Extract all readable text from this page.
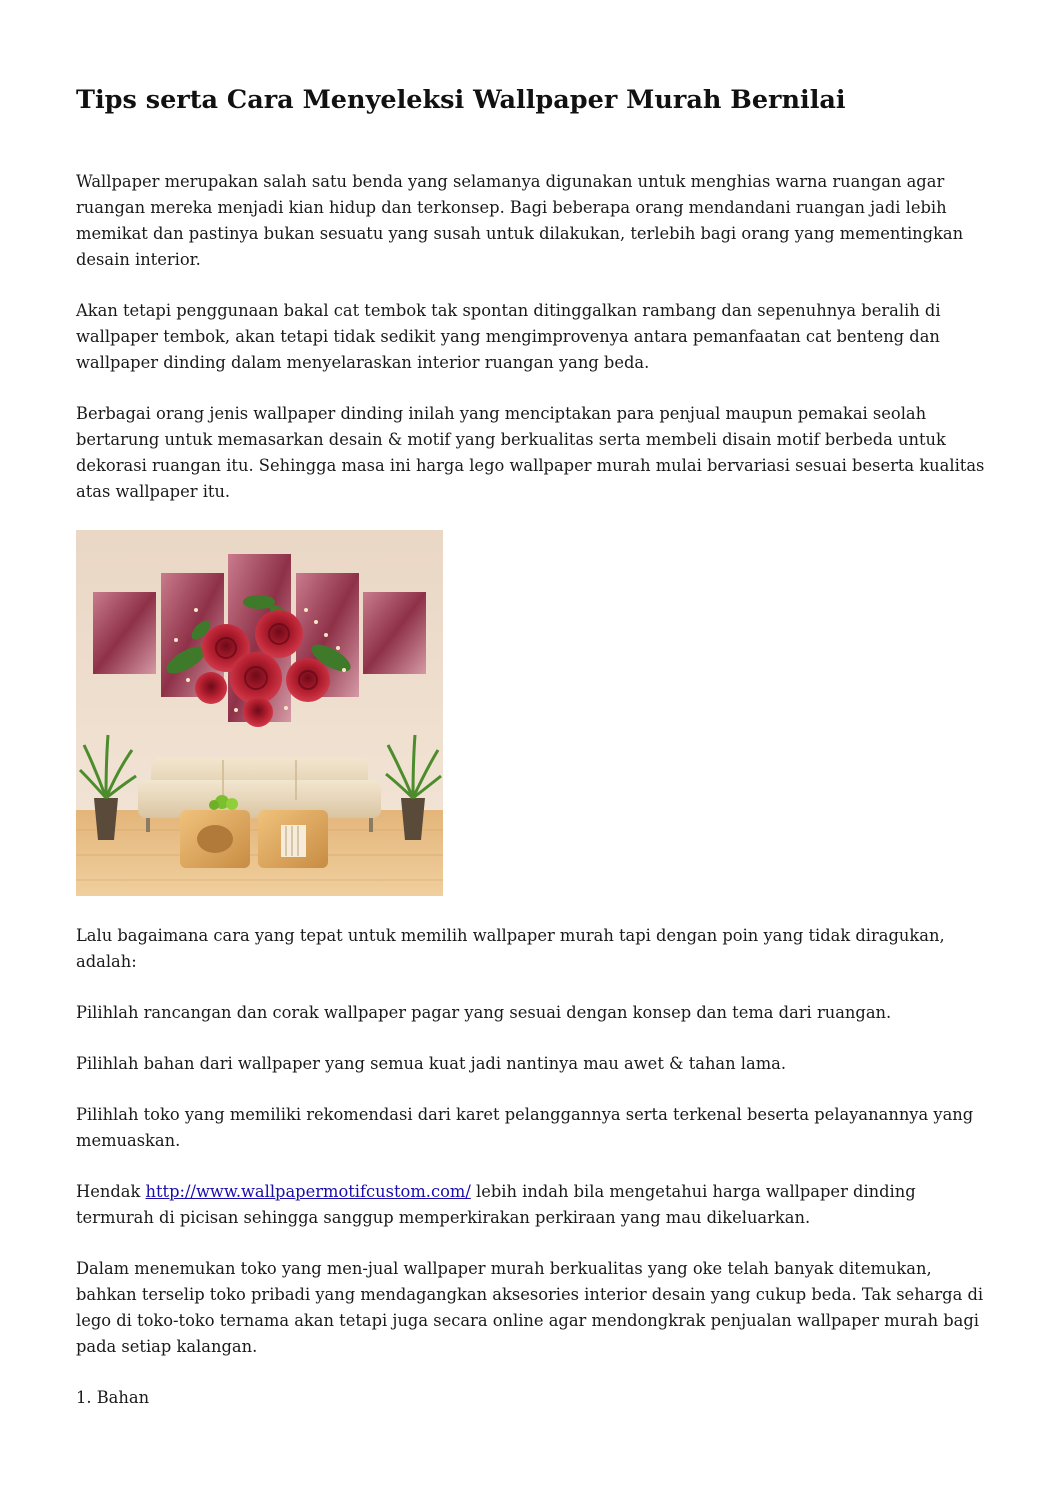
Tips serta Cara Menyeleksi Wallpaper Murah Bernilai

Wallpaper merupakan salah satu benda yang selamanya digunakan untuk menghias warna ruangan agar ruangan mereka menjadi kian hidup dan terkonsep. Bagi beberapa orang mendandani ruangan jadi lebih memikat dan pastinya bukan sesuatu yang susah untuk dilakukan, terlebih bagi orang yang mementingkan desain interior.

Akan tetapi penggunaan bakal cat tembok tak spontan ditinggalkan rambang dan sepenuhnya beralih di wallpaper tembok, akan tetapi tidak sedikit yang mengimprovenya antara pemanfaatan cat benteng dan wallpaper dinding dalam menyelaraskan interior ruangan yang beda.

Berbagai orang jenis wallpaper dinding inilah yang menciptakan para penjual maupun pemakai seolah bertarung untuk memasarkan desain & motif yang berkualitas serta membeli disain motif berbeda untuk dekorasi ruangan itu. Sehingga masa ini harga lego wallpaper murah mulai bervariasi sesuai beserta kualitas atas wallpaper itu.

Lalu bagaimana cara yang tepat untuk memilih wallpaper murah tapi dengan poin yang tidak diragukan, adalah:

Pilihlah rancangan dan corak wallpaper pagar yang sesuai dengan konsep dan tema dari ruangan.

Pilihlah bahan dari wallpaper yang semua kuat jadi nantinya mau awet & tahan lama.

Pilihlah toko yang memiliki rekomendasi dari karet pelanggannya serta terkenal beserta pelayanannya yang memuaskan.

Hendak http://www.wallpapermotifcustom.com/ lebih indah bila mengetahui harga wallpaper dinding termurah di picisan sehingga sanggup memperkirakan perkiraan yang mau dikeluarkan.

Dalam menemukan toko yang men-jual wallpaper murah berkualitas yang oke telah banyak ditemukan, bahkan terselip toko pribadi yang mendagangkan aksesories interior desain yang cukup beda. Tak seharga di lego di toko-toko ternama akan tetapi juga secara online agar mendongkrak penjualan wallpaper murah bagi pada setiap kalangan.

1. Bahan
